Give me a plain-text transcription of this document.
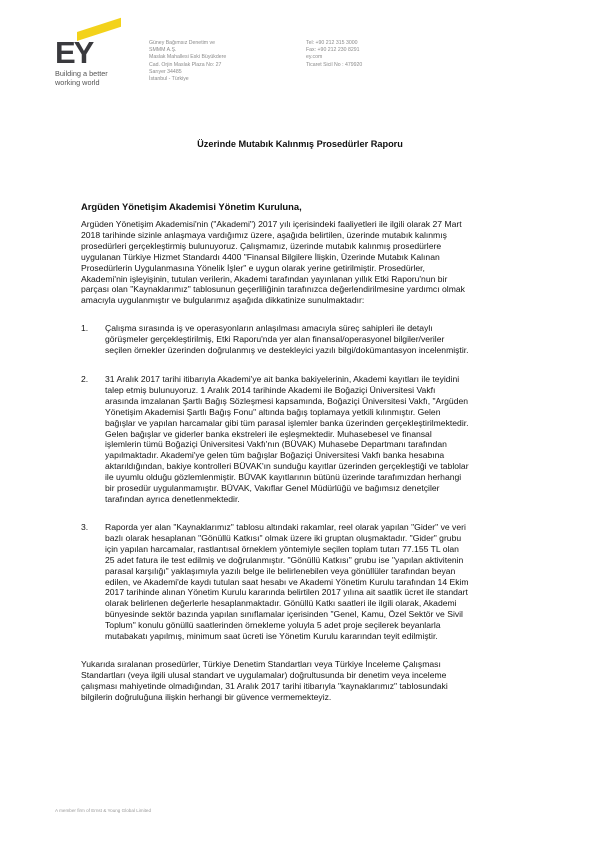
EY
Building a better
working world
Güney Bağımsız Denetim ve
SMMM A.Ş.
Maslak Mahallesi Eski Büyükdere
Cad. Orjin Maslak Plaza No: 27
Sarıyer 34485
İstanbul - Türkiye
Tel: +90 212 315 3000
Fax: +90 212 230 8291
ey.com
Ticaret Sicil No : 479920
Üzerinde Mutabık Kalınmış Prosedürler Raporu
Argüden Yönetişim Akademisi Yönetim Kuruluna,
Argüden Yönetişim Akademisi'nin ("Akademi") 2017 yılı içerisindeki faaliyetleri ile ilgili olarak 27 Mart
2018 tarihinde sizinle anlaşmaya vardığımız üzere, aşağıda belirtilen, üzerinde mutabık kalınmış
prosedürleri gerçekleştirmiş bulunuyoruz. Çalışmamız, üzerinde mutabık kalınmış prosedürlere
uygulanan Türkiye Hizmet Standardı 4400 "Finansal Bilgilere İlişkin, Üzerinde Mutabık Kalınan
Prosedürlerin Uygulanmasına Yönelik İşler" e uygun olarak yerine getirilmiştir. Prosedürler,
Akademi'nin işleyişinin, tutulan verilerin, Akademi tarafından yayınlanan yıllık Etki Raporu'nun bir
parçası olan "Kaynaklarımız" tablosunun geçerliliğinin tarafınızca değerlendirilmesine yardımcı olmak
amacıyla uygulanmıştır ve bulgularımız aşağıda dikkatinize sunulmaktadır:
1. Çalışma sırasında iş ve operasyonların anlaşılması amacıyla süreç sahipleri ile detaylı
görüşmeler gerçekleştirilmiş, Etki Raporu'nda yer alan finansal/operasyonel bilgiler/veriler
seçilen örnekler üzerinden doğrulanmış ve destekleyici yazılı bilgi/dokümantasyon incelenmiştir.
2. 31 Aralık 2017 tarihi itibarıyla Akademi'ye ait banka bakiyelerinin, Akademi kayıtları ile teyidini
talep etmiş bulunuyoruz. 1 Aralık 2014 tarihinde Akademi ile Boğaziçi Üniversitesi Vakfı
arasında imzalanan Şartlı Bağış Sözleşmesi kapsamında, Boğaziçi Üniversitesi Vakfı, "Argüden
Yönetişim Akademisi Şartlı Bağış Fonu" altında bağış toplamaya yetkili kılınmıştır. Gelen
bağışlar ve yapılan harcamalar gibi tüm parasal işlemler banka üzerinden gerçekleştirilmektedir.
Gelen bağışlar ve giderler banka ekstreleri ile eşleşmektedir. Muhasebesel ve finansal
işlemlerin tümü Boğaziçi Üniversitesi Vakfı'nın (BÜVAK) Muhasebe Departmanı tarafından
yapılmaktadır. Akademi'ye gelen tüm bağışlar Boğaziçi Üniversitesi Vakfı banka hesabına
aktarıldığından, bakiye kontrolleri BÜVAK'ın sunduğu kayıtlar üzerinden gerçekleştiği ve tablolar
ile uyumlu olduğu gözlemlenmiştir. BÜVAK kayıtlarının bütünü üzerinde tarafımızdan herhangi
bir prosedür uygulanmamıştır. BÜVAK, Vakıflar Genel Müdürlüğü ve bağımsız denetçiler
tarafından ayrıca denetlenmektedir.
3. Raporda yer alan "Kaynaklarımız" tablosu altındaki rakamlar, reel olarak yapılan "Gider" ve veri
bazlı olarak hesaplanan "Gönüllü Katkısı" olmak üzere iki gruptan oluşmaktadır. "Gider" grubu
için yapılan harcamalar, rastlantısal örneklem yöntemiyle seçilen toplam tutarı 77.155 TL olan
25 adet fatura ile test edilmiş ve doğrulanmıştır. "Gönüllü Katkısı" grubu ise "yapılan aktivitenin
parasal karşılığı" yaklaşımıyla yazılı belge ile belirlenebilen veya gönüllüler tarafından beyan
edilen, ve Akademi'de kaydı tutulan saat hesabı ve Akademi Yönetim Kurulu tarafından 14 Ekim
2017 tarihinde alınan Yönetim Kurulu kararında belirtilen 2017 yılına ait saatlik ücret ile standart
olarak belirlenen değerlerle hesaplanmaktadır. Gönüllü Katkı saatleri ile ilgili olarak, Akademi
bünyesinde sektör bazında yapılan sınıflamalar içerisinden "Genel, Kamu, Özel Sektör ve Sivil
Toplum" konulu gönüllü saatlerinden örnekleme yoluyla 5 adet proje seçilerek beyanlarla
mutabakatı yapılmış, minimum saat ücreti ise Yönetim Kurulu kararından teyit edilmiştir.
Yukarıda sıralanan prosedürler, Türkiye Denetim Standartları veya Türkiye İnceleme Çalışması
Standartları (veya ilgili ulusal standart ve uygulamalar) doğrultusunda bir denetim veya inceleme
çalışması mahiyetinde olmadığından, 31 Aralık 2017 tarihi itibarıyla "kaynaklarımız" tablosundaki
bilgilerin doğruluğuna ilişkin herhangi bir güvence vermemekteyiz.
A member firm of Ernst & Young Global Limited
